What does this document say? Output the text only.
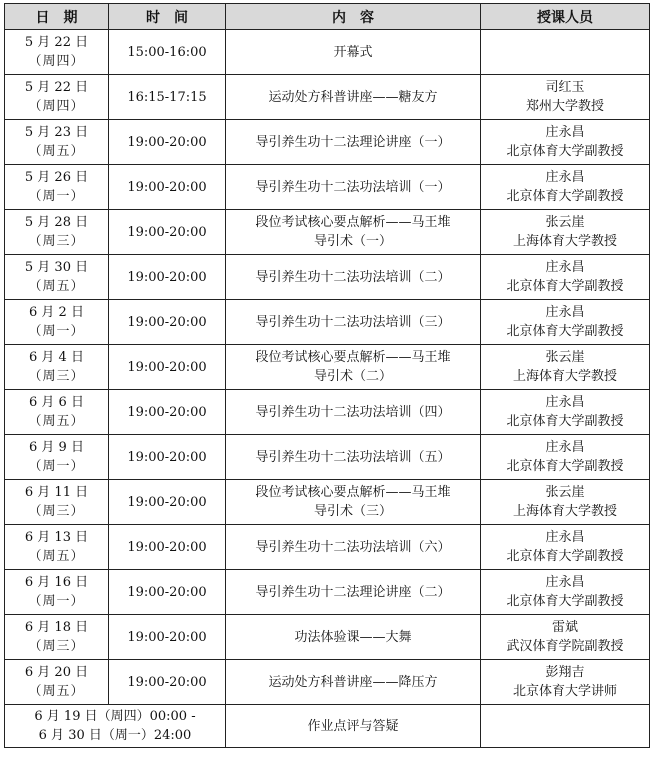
日　期	时　间	内　容	授课人员

5 月 22 日
（周四）	15:00-16:00	开幕式	

5 月 22 日
（周四）	16:15-17:15	运动处方科普讲座——糖友方	司红玉
郑州大学教授

5 月 23 日
（周五）	19:00-20:00	导引养生功十二法理论讲座（一）	庄永昌
北京体育大学副教授

5 月 26 日
（周一）	19:00-20:00	导引养生功十二法功法培训（一）	庄永昌
北京体育大学副教授

5 月 28 日
（周三）	19:00-20:00	段位考试核心要点解析——马王堆
导引术（一）	张云崖
上海体育大学教授

5 月 30 日
（周五）	19:00-20:00	导引养生功十二法功法培训（二）	庄永昌
北京体育大学副教授

6 月 2 日
（周一）	19:00-20:00	导引养生功十二法功法培训（三）	庄永昌
北京体育大学副教授

6 月 4 日
（周三）	19:00-20:00	段位考试核心要点解析——马王堆
导引术（二）	张云崖
上海体育大学教授

6 月 6 日
（周五）	19:00-20:00	导引养生功十二法功法培训（四）	庄永昌
北京体育大学副教授

6 月 9 日
（周一）	19:00-20:00	导引养生功十二法功法培训（五）	庄永昌
北京体育大学副教授

6 月 11 日
（周三）	19:00-20:00	段位考试核心要点解析——马王堆
导引术（三）	张云崖
上海体育大学教授

6 月 13 日
（周五）	19:00-20:00	导引养生功十二法功法培训（六）	庄永昌
北京体育大学副教授

6 月 16 日
（周一）	19:00-20:00	导引养生功十二法理论讲座（二）	庄永昌
北京体育大学副教授

6 月 18 日
（周三）	19:00-20:00	功法体验课——大舞	雷斌
武汉体育学院副教授

6 月 20 日
（周五）	19:00-20:00	运动处方科普讲座——降压方	彭翔吉
北京体育大学讲师

6 月 19 日（周四）00:00 -
6 月 30 日（周一）24:00		作业点评与答疑	
